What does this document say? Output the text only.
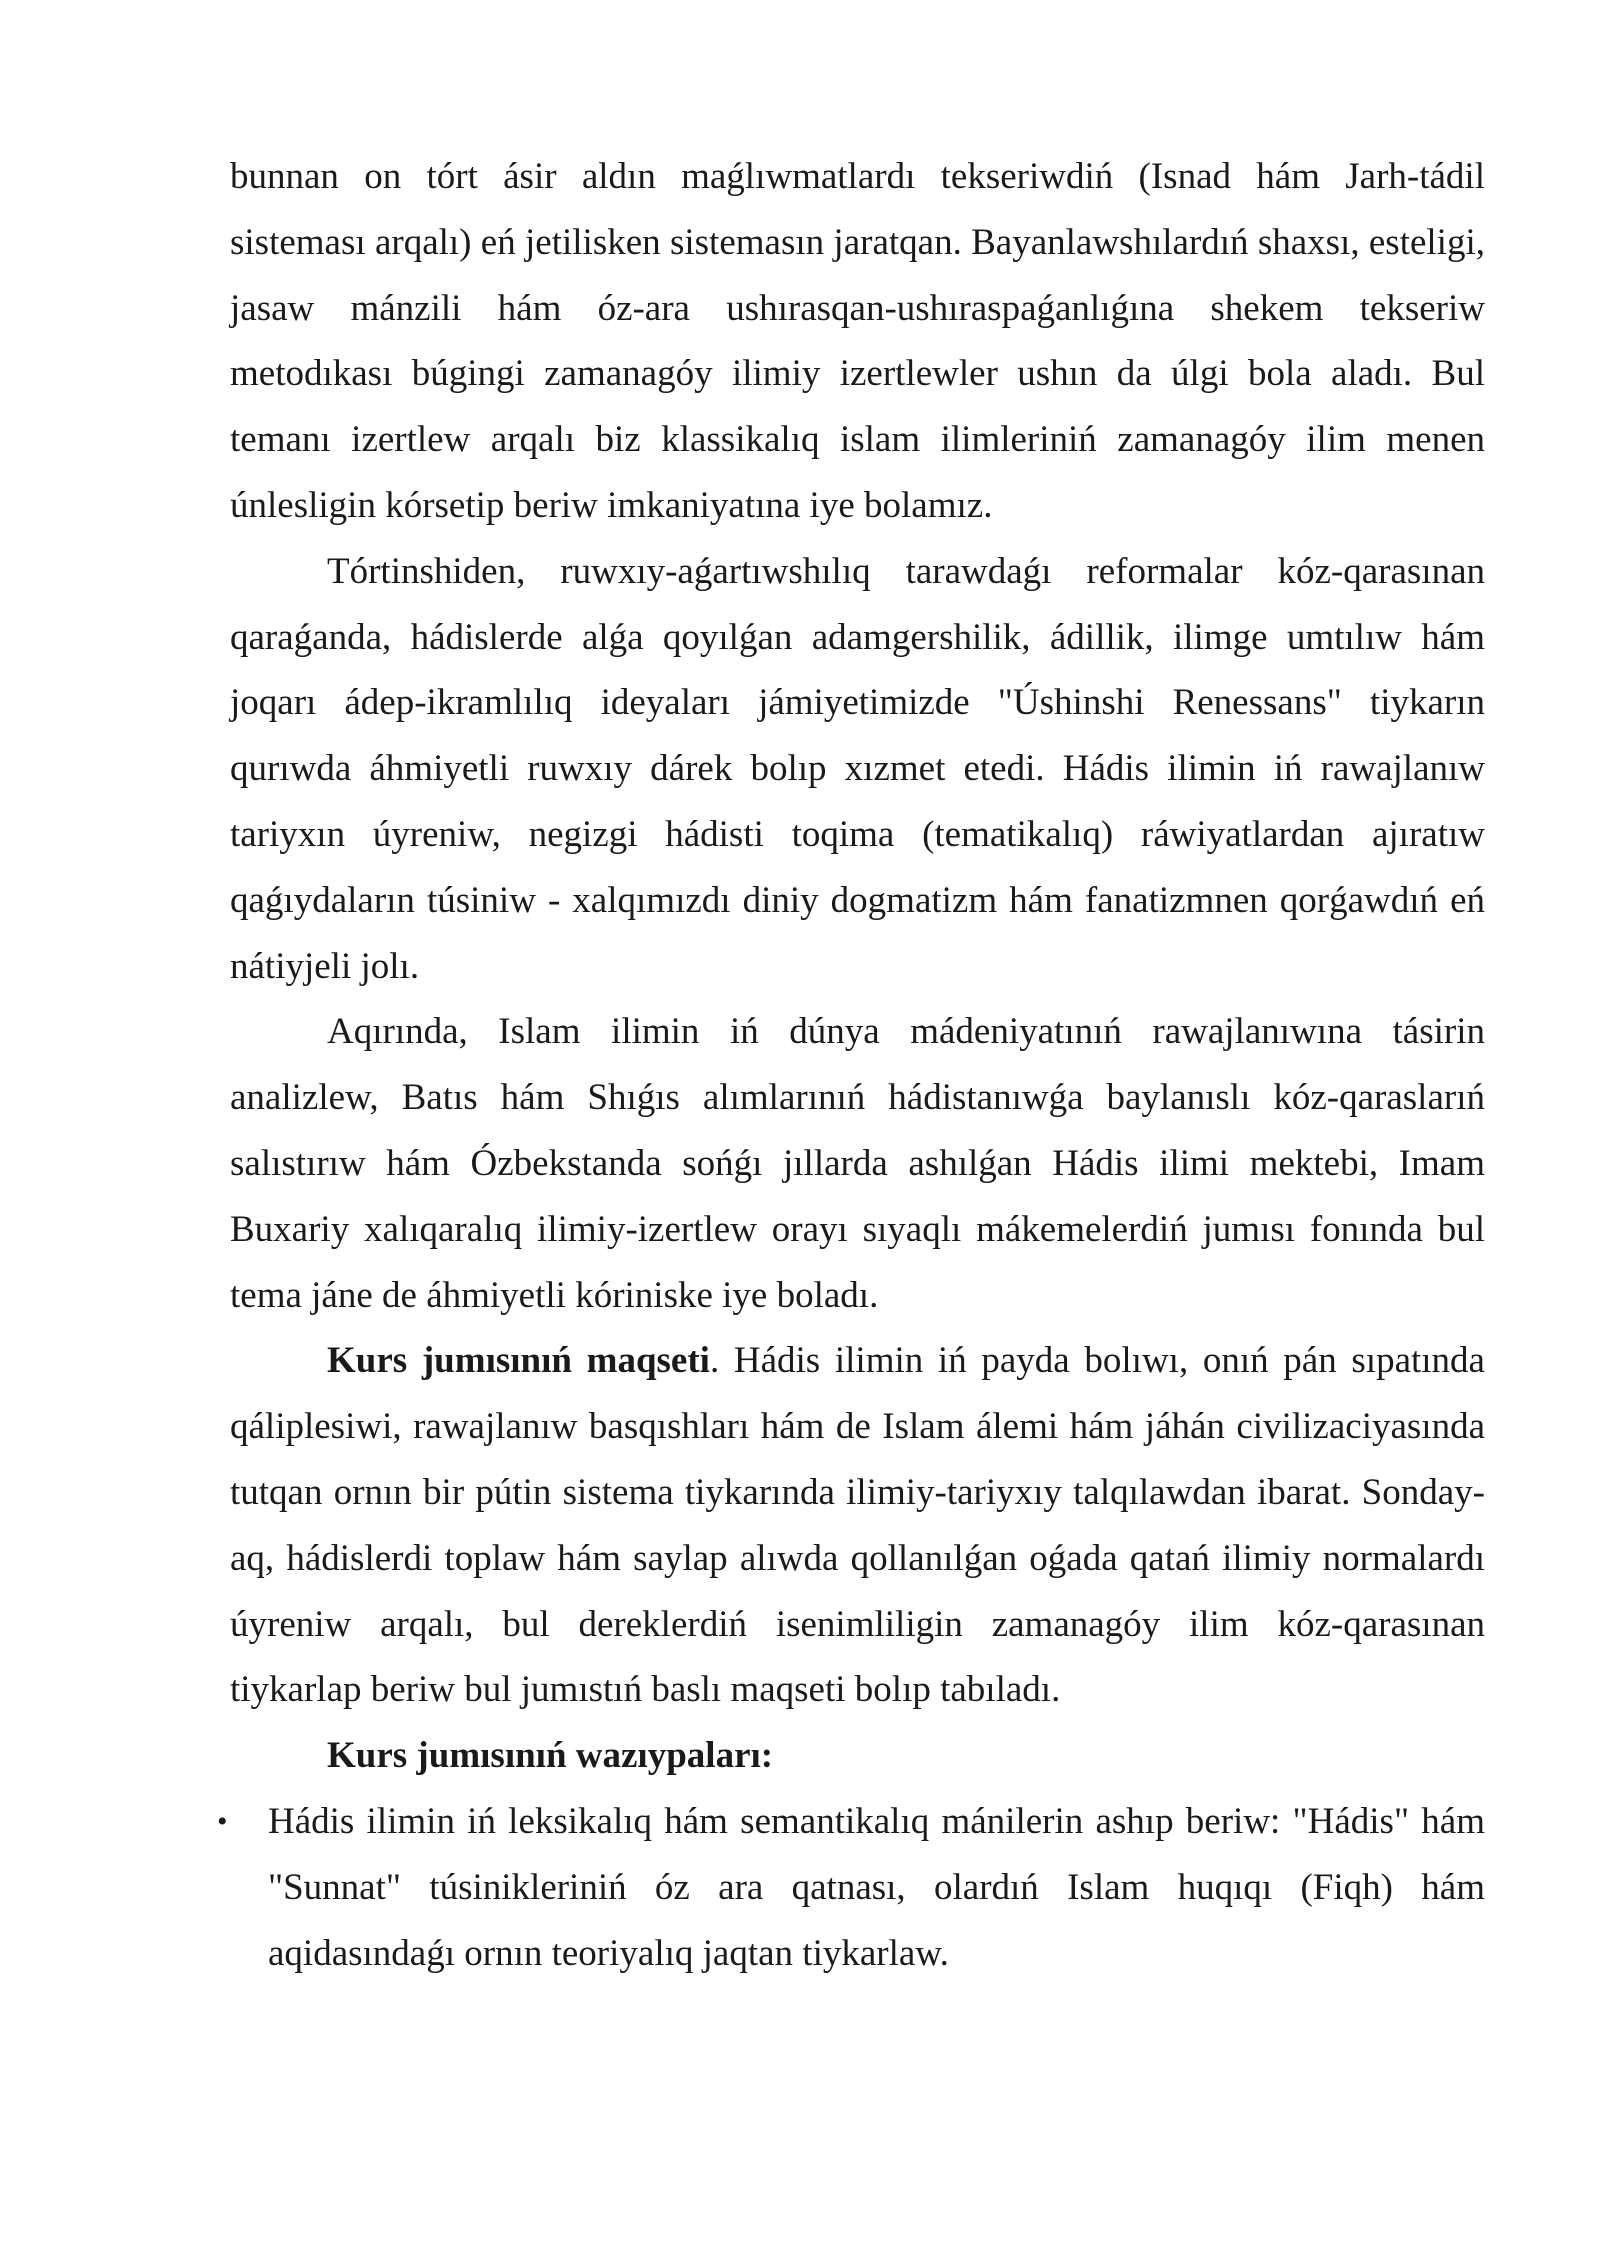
bunnan on tórt ásir aldın maǵlıwmatlardı tekseriwdiń (Isnad hám Jarh-tádil sisteması arqalı) eń jetilisken sistemasın jaratqan. Bayanlawshılardıń shaxsı, esteligi, jasaw mánzili hám óz-ara ushırasqan-ushıraspaǵanlıǵına shekem tekseriw metodıkası búgingi zamanagóy ilimiy izertlewler ushın da úlgi bola aladı. Bul temanı izertlew arqalı biz klassikalıq islam ilimleriniń zamanagóy ilim menen únlesligin kórsetip beriw imkaniyatına iye bolamız.

Tórtinshiden, ruwxıy-aǵartıwshılıq tarawdaǵı reformalar kóz-qarasınan qaraǵanda, hádislerde alǵa qoyılǵan adamgershilik, ádillik, ilimge umtılıw hám joqarı ádep-ikramlılıq ideyaları jámiyetimizde "Úshinshi Renessans" tiykarın qurıwda áhmiyetli ruwxıy dárek bolıp xızmet etedi. Hádis ilimin iń rawajlanıw tariyxın úyreniw, negizgi hádisti toqima (tematikalıq) ráwiyatlardan ajıratıw qaǵıydaların túsiniw - xalqımızdı diniy dogmatizm hám fanatizmnen qorǵawdıń eń nátiyjeli jolı.

Aqırında, Islam ilimin iń dúnya mádeniyatınıń rawajlanıwına tásirin analizlew, Batıs hám Shıǵıs alımlarınıń hádistanıwǵa baylanıslı kóz-qaraslarıń salıstırıw hám Ózbekstanda sońǵı jıllarda ashılǵan Hádis ilimi mektebi, Imam Buxariy xalıqaralıq ilimiy-izertlew orayı sıyaqlı mákemelerdiń jumısı fonında bul tema jáne de áhmiyetli kóriniske iye boladı.

Kurs jumısınıń maqseti. Hádis ilimin iń payda bolıwı, onıń pán sıpatında qáliplesiwi, rawajlanıw basqıshları hám de Islam álemi hám jáhán civilizaciyasında tutqan ornın bir pútin sistema tiykarında ilimiy-tariyxıy talqılawdan ibarat. Sonday-aq, hádislerdi toplaw hám saylap alıwda qollanılǵan oǵada qatań ilimiy normalardı úyreniw arqalı, bul dereklerdiń isenimliligin zamanagóy ilim kóz-qarasınan tiykarlap beriw bul jumıstıń baslı maqseti bolıp tabıladı.

Kurs jumısınıń wazıypaları:

• Hádis ilimin iń leksikalıq hám semantikalıq mánilerin ashıp beriw: "Hádis" hám "Sunnat" túsinikleriniń óz ara qatnası, olardıń Islam huqıqı (Fiqh) hám aqidasındaǵı ornın teoriyalıq jaqtan tiykarlaw.
